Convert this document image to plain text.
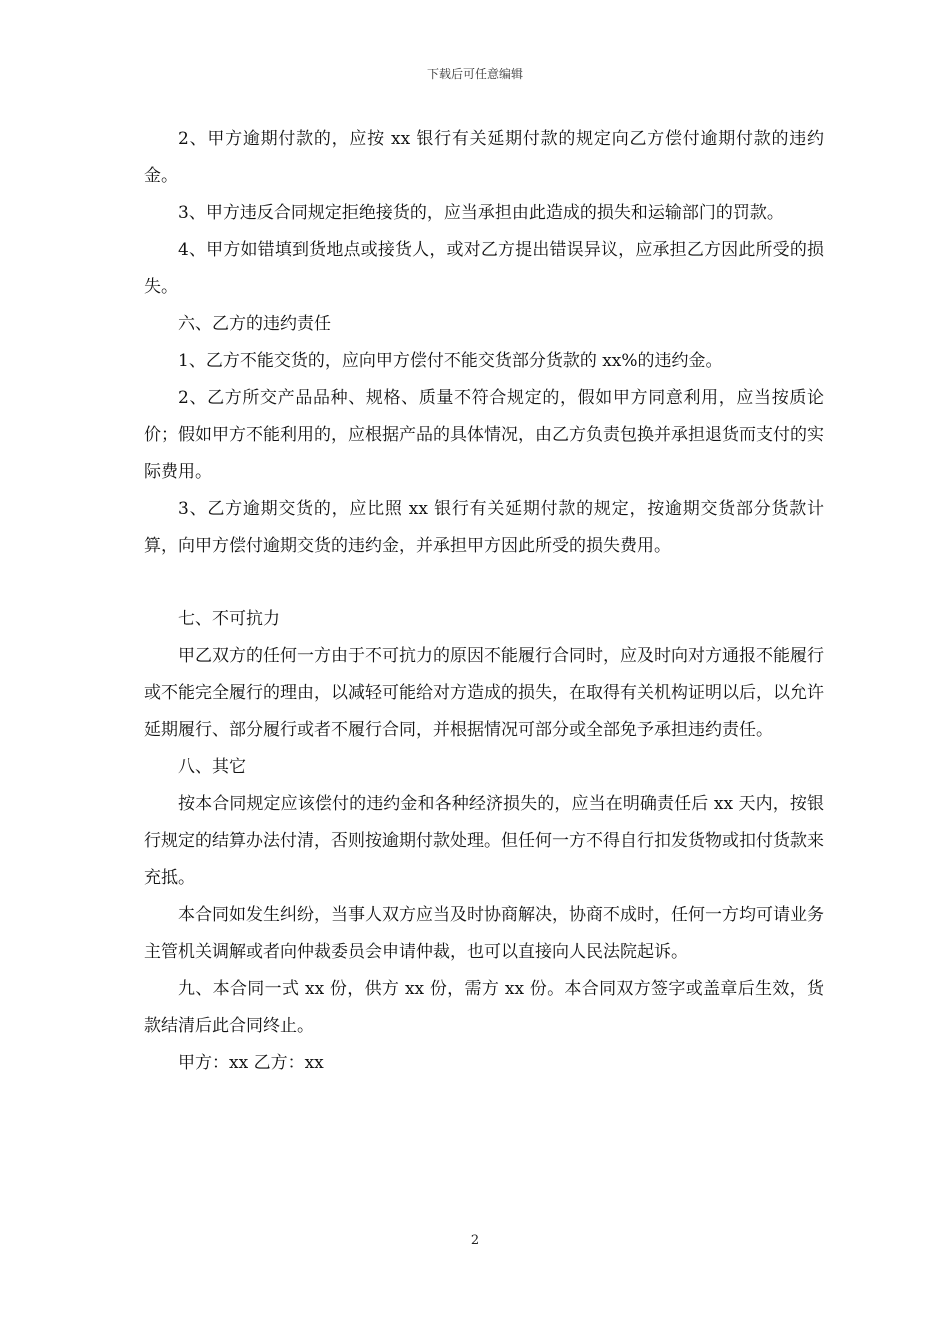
下载后可任意编辑

2、甲方逾期付款的，应按 xx 银行有关延期付款的规定向乙方偿付逾期付款的违约金。

3、甲方违反合同规定拒绝接货的，应当承担由此造成的损失和运输部门的罚款。

4、甲方如错填到货地点或接货人，或对乙方提出错误异议，应承担乙方因此所受的损失。

六、乙方的违约责任

1、乙方不能交货的，应向甲方偿付不能交货部分货款的 xx%的违约金。

2、乙方所交产品品种、规格、质量不符合规定的，假如甲方同意利用，应当按质论价；假如甲方不能利用的，应根据产品的具体情况，由乙方负责包换并承担退货而支付的实际费用。

3、乙方逾期交货的，应比照 xx 银行有关延期付款的规定，按逾期交货部分货款计算，向甲方偿付逾期交货的违约金，并承担甲方因此所受的损失费用。

七、不可抗力

甲乙双方的任何一方由于不可抗力的原因不能履行合同时，应及时向对方通报不能履行或不能完全履行的理由，以减轻可能给对方造成的损失，在取得有关机构证明以后，以允许延期履行、部分履行或者不履行合同，并根据情况可部分或全部免予承担违约责任。

八、其它

按本合同规定应该偿付的违约金和各种经济损失的，应当在明确责任后 xx 天内，按银行规定的结算办法付清，否则按逾期付款处理。但任何一方不得自行扣发货物或扣付货款来充抵。

本合同如发生纠纷，当事人双方应当及时协商解决，协商不成时，任何一方均可请业务主管机关调解或者向仲裁委员会申请仲裁，也可以直接向人民法院起诉。

九、本合同一式 xx 份，供方 xx 份，需方 xx 份。本合同双方签字或盖章后生效，货款结清后此合同终止。

甲方：xx 乙方：xx

2
